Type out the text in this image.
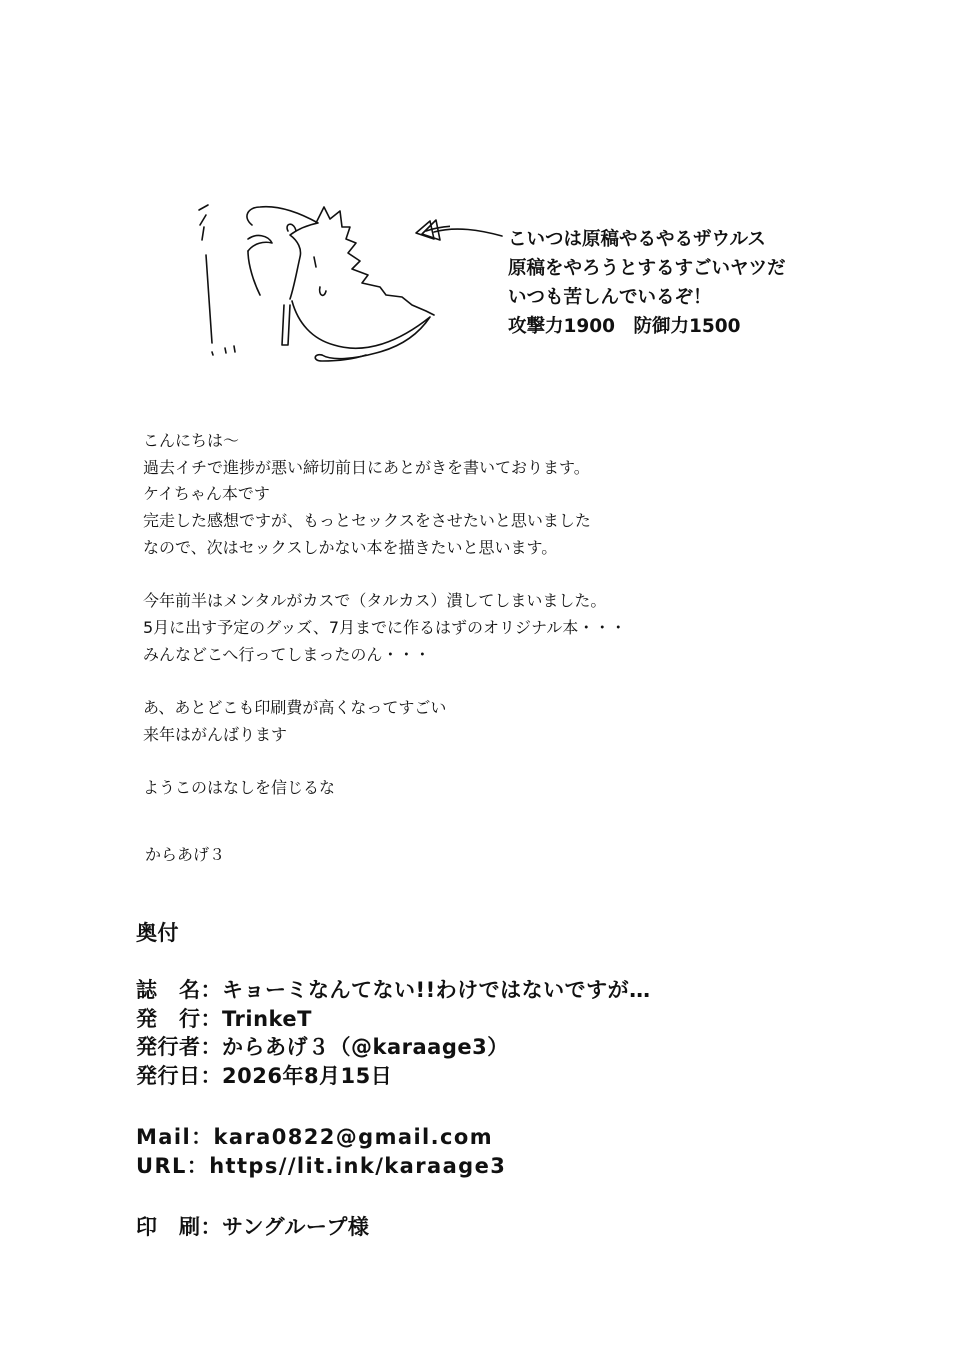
こいつは原稿やるやるザウルス
原稿をやろうとするすごいヤツだ
いつも苦しんでいるぞ！
攻撃力1900　防御力1500
こんにちは～
過去イチで進捗が悪い締切前日にあとがきを書いております。
ケイちゃん本です
完走した感想ですが、もっとセックスをさせたいと思いました
なので、次はセックスしかない本を描きたいと思います。
今年前半はメンタルがカスで（タルカス）潰してしまいました。
5月に出す予定のグッズ、7月までに作るはずのオリジナル本・・・
みんなどこへ行ってしまったのん・・・
あ、あとどこも印刷費が高くなってすごい
来年はがんばります
ようこのはなしを信じるな
からあげ３
奥付
誌　名：キョーミなんてない!!わけではないですが…
発　行：TrinkeT
発行者：からあげ３（@karaage3）
発行日：2026年8月15日
Mail：kara0822@gmail.com
URL：https//lit.ink/karaage3
印　刷：サングループ様
